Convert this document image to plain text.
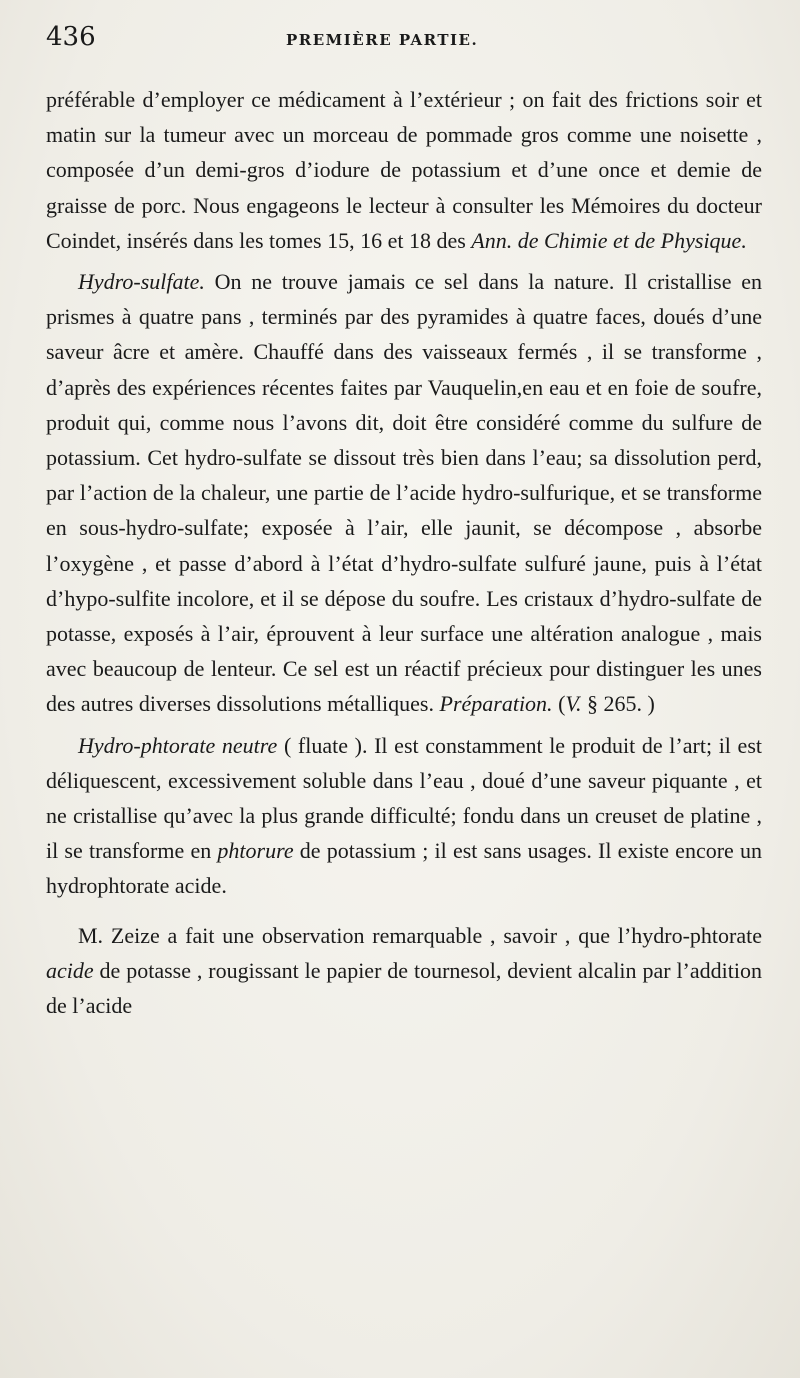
436	PREMIÈRE PARTIE.

préférable d’employer ce médicament à l’extérieur ; on fait des frictions soir et matin sur la tumeur avec un morceau de pommade gros comme une noisette , composée d’un demi-gros d’iodure de potassium et d’une once et demie de graisse de porc. Nous engageons le lecteur à consulter les Mémoires du docteur Coindet, insérés dans les tomes 15, 16 et 18 des Ann. de Chimie et de Physique.

Hydro-sulfate. On ne trouve jamais ce sel dans la nature. Il cristallise en prismes à quatre pans , terminés par des pyramides à quatre faces, doués d’une saveur âcre et amère. Chauffé dans des vaisseaux fermés , il se transforme , d’après des expériences récentes faites par Vauquelin,en eau et en foie de soufre, produit qui, comme nous l’avons dit, doit être considéré comme du sulfure de potassium. Cet hydro-sulfate se dissout très bien dans l’eau; sa dissolution perd, par l’action de la chaleur, une partie de l’acide hydro-sulfurique, et se transforme en sous-hydro-sulfate; exposée à l’air, elle jaunit, se décompose , absorbe l’oxygène , et passe d’abord à l’état d’hydro-sulfate sulfuré jaune, puis à l’état d’hypo-sulfite incolore, et il se dépose du soufre. Les cristaux d’hydro-sulfate de potasse, exposés à l’air, éprouvent à leur surface une altération analogue , mais avec beaucoup de lenteur. Ce sel est un réactif précieux pour distinguer les unes des autres diverses dissolutions métalliques. Préparation. (V. § 265. )

Hydro-phtorate neutre ( fluate ). Il est constamment le produit de l’art; il est déliquescent, excessivement soluble dans l’eau , doué d’une saveur piquante , et ne cristallise qu’avec la plus grande difficulté; fondu dans un creuset de platine , il se transforme en phtorure de potassium ; il est sans usages. Il existe encore un hydrophtorate acide.

M. Zeize a fait une observation remarquable , savoir , que l’hydro-phtorate acide de potasse , rougissant le papier de tournesol, devient alcalin par l’addition de l’acide
